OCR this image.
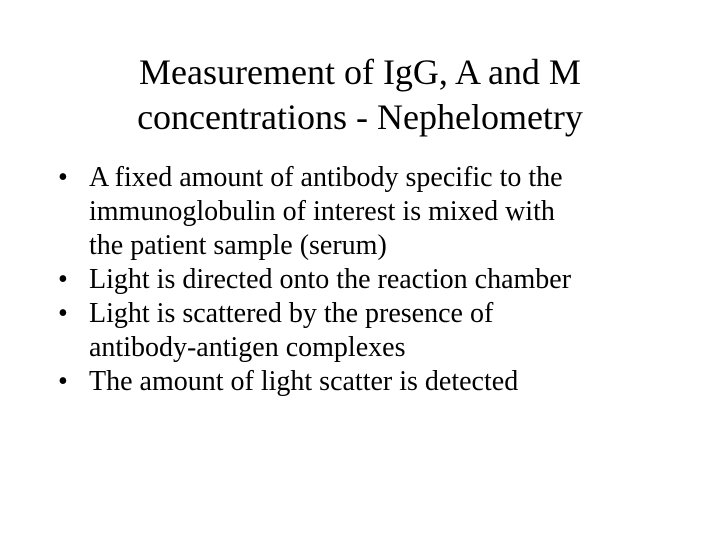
Measurement of IgG, A and M
concentrations - Nephelometry
• A fixed amount of antibody specific to the
immunoglobulin of interest is mixed with
the patient sample (serum)
• Light is directed onto the reaction chamber
• Light is scattered by the presence of
antibody-antigen complexes
• The amount of light scatter is detected
